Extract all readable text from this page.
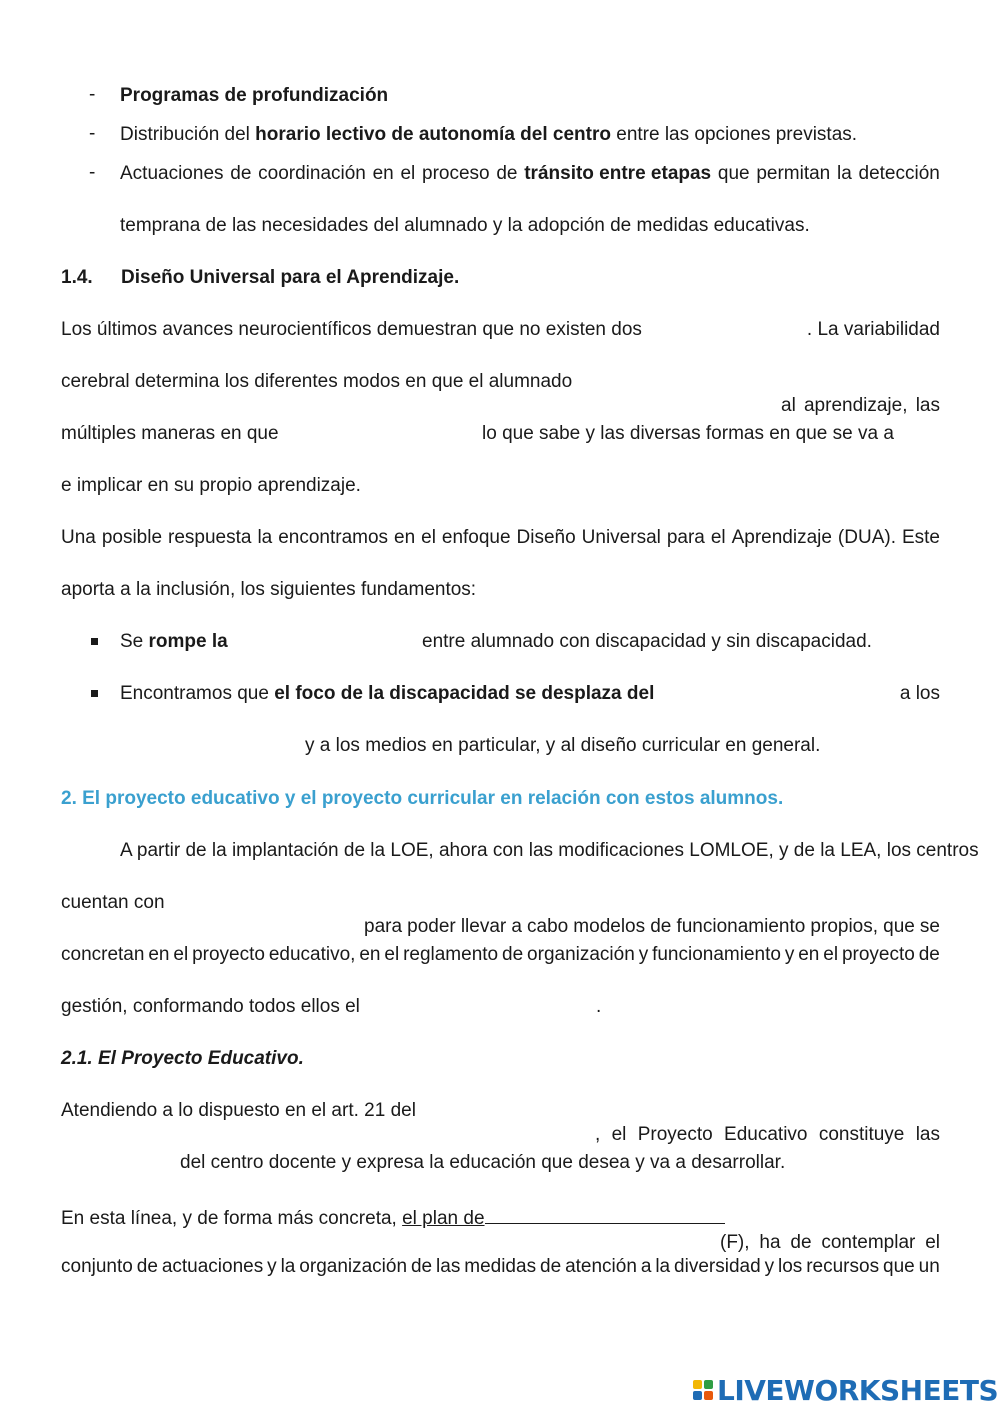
- Programas de profundización
- Distribución del horario lectivo de autonomía del centro entre las opciones previstas.
- Actuaciones de coordinación en el proceso de tránsito entre etapas que permitan la detección
temprana de las necesidades del alumnado y la adopción de medidas educativas.
1.4. Diseño Universal para el Aprendizaje.
Los últimos avances neurocientíficos demuestran que no existen dos	. La variabilidad
cerebral determina los diferentes modos en que el alumnado
al aprendizaje, las
múltiples maneras en que	lo que sabe y las diversas formas en que se va a
e implicar en su propio aprendizaje.
Una posible respuesta la encontramos en el enfoque Diseño Universal para el Aprendizaje (DUA). Este
aporta a la inclusión, los siguientes fundamentos:
Se rompe la	entre alumnado con discapacidad y sin discapacidad.
Encontramos que el foco de la discapacidad se desplaza del	a los
y a los medios en particular, y al diseño curricular en general.
2. El proyecto educativo y el proyecto curricular en relación con estos alumnos.
A partir de la implantación de la LOE, ahora con las modificaciones LOMLOE, y de la LEA, los centros
cuentan con
para poder llevar a cabo modelos de funcionamiento propios, que se
concretan en el proyecto educativo, en el reglamento de organización y funcionamiento y en el proyecto de
gestión, conformando todos ellos el	.
2.1. El Proyecto Educativo.
Atendiendo a lo dispuesto en el art. 21 del
, el Proyecto Educativo constituye las
del centro docente y expresa la educación que desea y va a desarrollar.
En esta línea, y de forma más concreta, el plan de
(F), ha de contemplar el
conjunto de actuaciones y la organización de las medidas de atención a la diversidad y los recursos que un
LIVEWORKSHEETS
